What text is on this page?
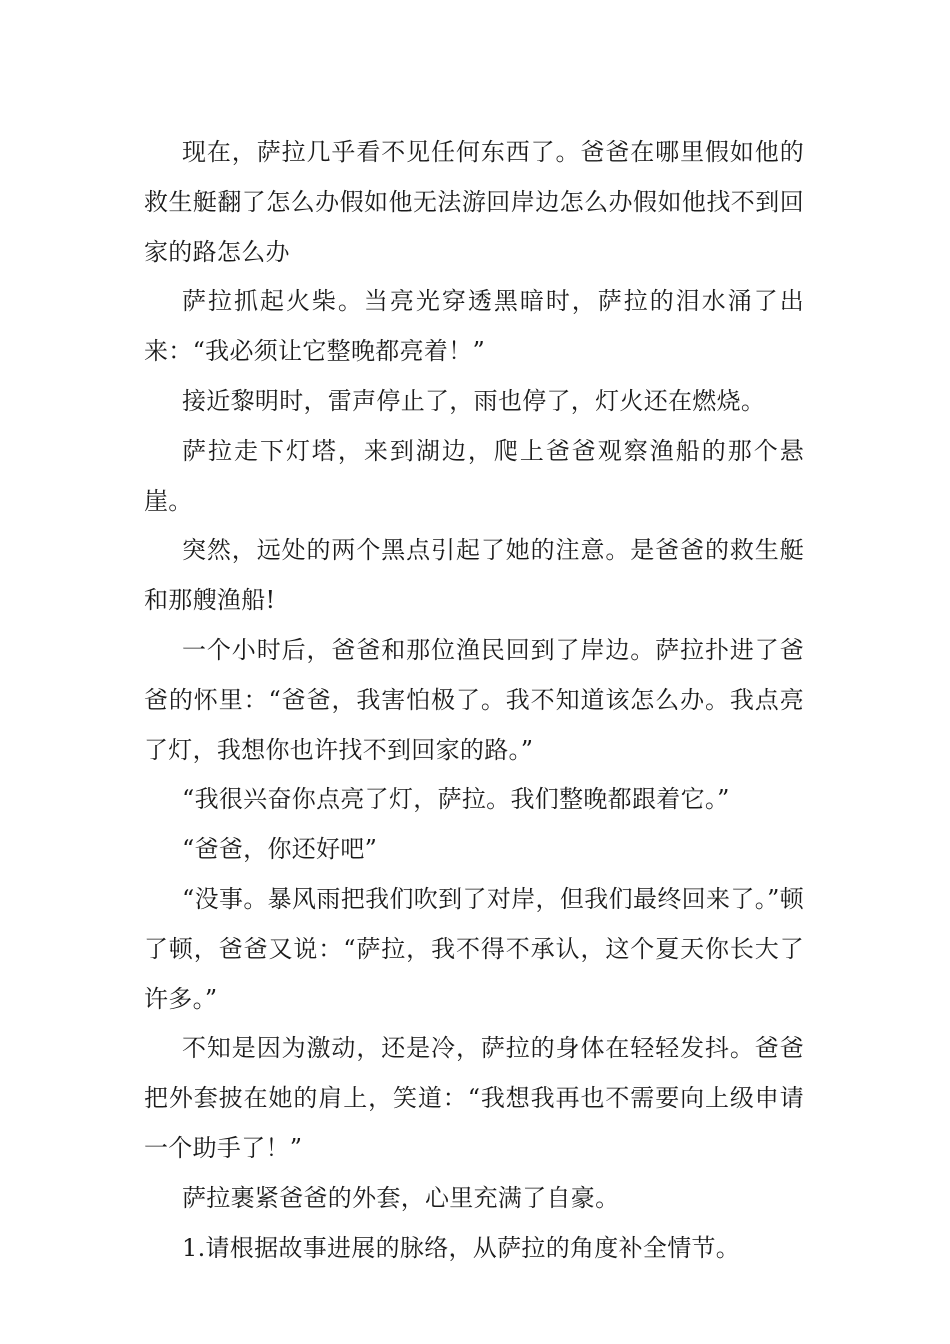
现在，萨拉几乎看不见任何东西了。爸爸在哪里假如他的救生艇翻了怎么办假如他无法游回岸边怎么办假如他找不到回家的路怎么办

萨拉抓起火柴。当亮光穿透黑暗时，萨拉的泪水涌了出来：“我必须让它整晚都亮着！”

接近黎明时，雷声停止了，雨也停了，灯火还在燃烧。

萨拉走下灯塔，来到湖边，爬上爸爸观察渔船的那个悬崖。

突然，远处的两个黑点引起了她的注意。是爸爸的救生艇和那艘渔船!

一个小时后，爸爸和那位渔民回到了岸边。萨拉扑进了爸爸的怀里：“爸爸，我害怕极了。我不知道该怎么办。我点亮了灯，我想你也许找不到回家的路。”

“我很兴奋你点亮了灯，萨拉。我们整晚都跟着它。”

“爸爸，你还好吧”

“没事。暴风雨把我们吹到了对岸，但我们最终回来了。”顿了顿，爸爸又说：“萨拉，我不得不承认，这个夏天你长大了许多。”

不知是因为激动，还是冷，萨拉的身体在轻轻发抖。爸爸把外套披在她的肩上，笑道：“我想我再也不需要向上级申请一个助手了！”

萨拉裹紧爸爸的外套，心里充满了自豪。

1.请根据故事进展的脉络，从萨拉的角度补全情节。
